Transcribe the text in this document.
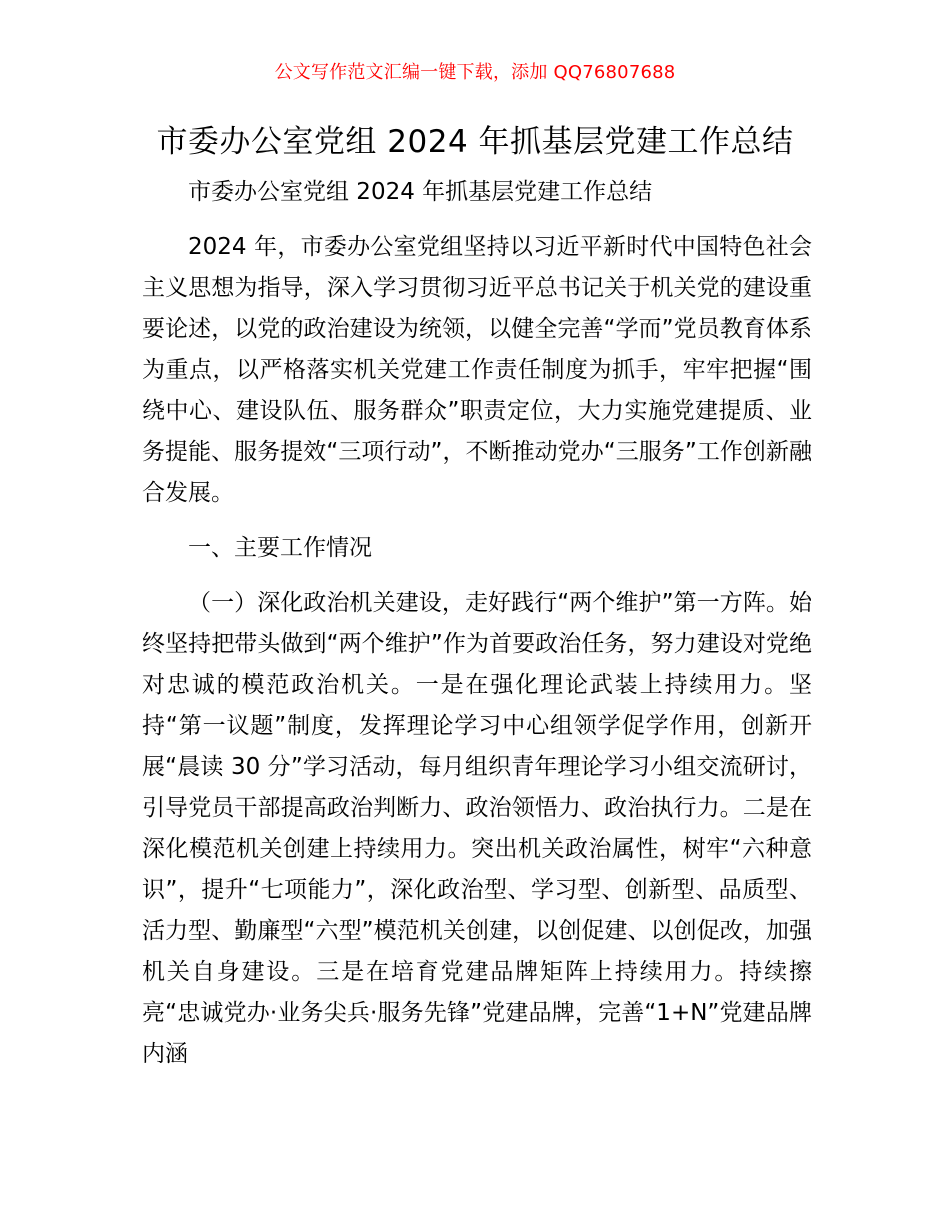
公文写作范文汇编一键下载，添加 QQ76807688
市委办公室党组 2024 年抓基层党建工作总结

市委办公室党组 2024 年抓基层党建工作总结

2024 年，市委办公室党组坚持以习近平新时代中国特色社会主义思想为指导，深入学习贯彻习近平总书记关于机关党的建设重要论述，以党的政治建设为统领，以健全完善“学而”党员教育体系为重点，以严格落实机关党建工作责任制度为抓手，牢牢把握“围绕中心、建设队伍、服务群众”职责定位，大力实施党建提质、业务提能、服务提效“三项行动”，不断推动党办“三服务”工作创新融合发展。

一、主要工作情况

（一）深化政治机关建设，走好践行“两个维护”第一方阵。始终坚持把带头做到“两个维护”作为首要政治任务，努力建设对党绝对忠诚的模范政治机关。一是在强化理论武装上持续用力。坚持“第一议题”制度，发挥理论学习中心组领学促学作用，创新开展“晨读 30 分”学习活动，每月组织青年理论学习小组交流研讨，引导党员干部提高政治判断力、政治领悟力、政治执行力。二是在深化模范机关创建上持续用力。突出机关政治属性，树牢“六种意识”，提升“七项能力”，深化政治型、学习型、创新型、品质型、活力型、勤廉型“六型”模范机关创建，以创促建、以创促改，加强机关自身建设。三是在培育党建品牌矩阵上持续用力。持续擦亮“忠诚党办·业务尖兵·服务先锋”党建品牌，完善“1+N”党建品牌内涵
